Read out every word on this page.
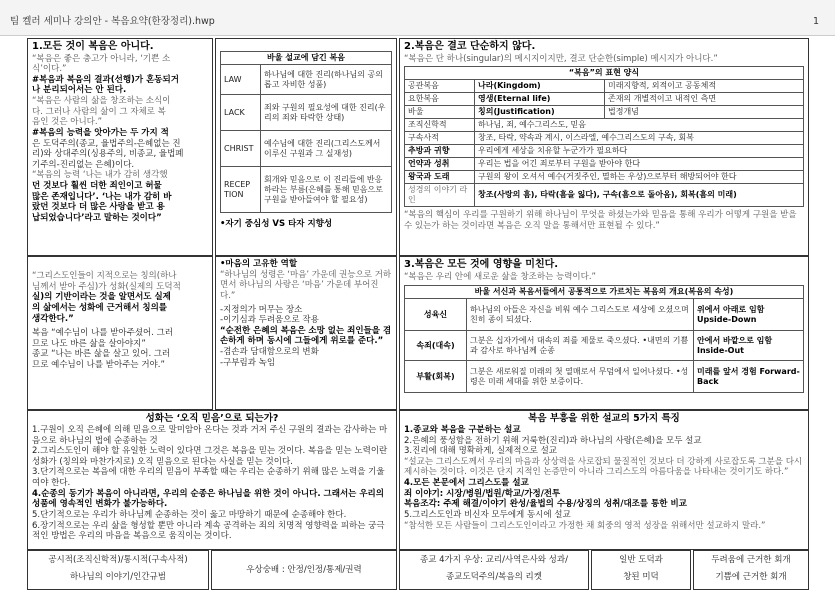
팀 켈러 세미나 강의안 - 복음요약(한장정리).hwp	1
1.모든 것이 복음은 아니다.
“복음은 좋은 충고가 아니라, ‘기쁜 소
식’이다.”
#복음과 복음의 결과(선행)가 혼동되거
나 분리되어서는 안 된다.
“복음은 사람의 삶을 창조하는 소식이
다. 그러나 사람의 삶이 그 자체로 복
음인 것은 아니다.”
#복음의 능력을 앗아가는 두 가지 적
은 도덕주의(종교, 율법주의-은혜없는 진
리)와 상대주의(싱용주의, 비종교, 율법폐
기주의-진리없는 은혜)이다.
“복음의 능력 ‘나는 내가 감히 생각했
던 것보다 훨씬 더한 죄인이고 허물
많은 존재입니다’. ‘나는 내가 감히 바
랐던 것보다 더 많은 사랑을 받고 용
납되었습니다’라고 말하는 것이다”
바울 설교에 담긴 복음	
LAW	하나님에 대한 진리(하나님의 공의롭고 자비한 성품)
LACK	죄와 구원의 필요성에 대한 진리(우리의 죄와 타락한 상태)
CHRIST	예수님에 대한 진리(그리스도께서 이루신 구원과 그 실재성)
RECEP TION	회개와 믿음으로 이 진리들에 반응하라는 부름(은혜를 통해 믿음으로 구원을 받아들여야 할 필요성)
•자기 중심성 VS 타자 지향성
2.복음은 결코 단순하지 않다.
“복음은 단 하나(singular)의 메시지이지만, 결코 단순한(simple) 메시지가 아니다.”
“복음”의 표현 양식		
공관복음	나라(Kingdom)	미래지향적, 외적이고 공동체적
요한복음	영생(Eternal life)	존재의 개별적이고 내적인 측면
바울	칭의(Justification)	법정개념
조직신학적	하나님, 죄, 예수그리스도, 믿음	
구속사적	창조, 타락, 약속과 계시, 이스라엘, 예수그리스도의 구속, 회복	
추방과 귀향	우리에게 세상을 치유할 누군가가 필요하다	
언약과 성취	우리는 법을 어긴 죄로부터 구원을 받아야 한다	
왕국과 도래	구원의 왕이 오셔서 예수(거짓주인, 멸하는 우상)으로부터 해방되어야 한다	
성경의 이야기 라인	창조(사랑의 흠), 타락(흠을 잃다), 구속(흠으로 돌아옴), 회복(흠의 미래)	
“복음의 핵심이 우리를 구원하기 위해 하나님이 무엇을 하셨는가와 믿음을 통해 우리가 어떻게 구원을 받을 수 있는가 하는 것이라면 복음은 오직 말을 통해서만 표현될 수 있다.”
“그리스도인들이 지적으로는 칭의(하나
님께서 받아 주심)가 성화(실제의 도덕적
실)의 기반이라는 것을 알면서도 실제
의 삶에서는 성화에 근거해서 칭의를
생각한다.”
복음 “예수님이 나를 받아주셨어. 그러
므로 나도 바른 삶을 살아야지”
종교 “나는 바른 삶을 살고 있어. 그러
므로 예수님이 나를 받아주는 거야.”
•마음의 고유한 역할
“하나님의 성령은 ‘마음’ 가운데 권능으로 거하면서 하나님의 사랑은 ‘마음’ 가운데 부어진다.”
-지정의가 머무는 장소
-이기심과 두려움으로 작용
“순전한 은혜의 복음은 소망 없는 죄인들을 겸손하게 하며 동시에 그들에게 위로를 준다.”
-겸손과 담대함으로의 변화
-구부림과 녹임
3.복음은 모든 것에 영향을 미친다.
“복음은 우리 안에 새로운 삶을 창조하는 능력이다.”
바울 서신과 복음서들에서 공통적으로 가르치는 복음의 개요(복음의 속성)		
성육신	하나님의 아들은 자신을 비워 예수 그리스도로 세상에 오셨으며 친히 종이 되셨다.	위에서 아래로 임함 Upside-Down
속죄(대속)	그분은 십자가에서 대속의 죄를 제물로 죽으셨다. •내면의 기쁨과 감사로 하나님께 순종	안에서 바깥으로 임함 Inside-Out
부활(회복)	그분은 새로워질 미래의 첫 열매로서 무덤에서 일어나셨다. •성령은 미래 세대를 위한 보증이다.	미래를 앞서 경험 Forward-Back
성화는 ‘오직 믿음’으로 되는가?
1.구원이 오직 은혜에 의해 믿음으로 말미암아 온다는 것과 거저 주신 구원의 결과는 감사하는 마음으로 하나님의 법에 순종하는 것
2.그리스도인이 해야 할 유일한 노력이 있다면 그것은 복음을 믿는 것이다. 복음을 믿는 노력이란 성화가 (칭의와 마찬가지로) 오직 믿음으로 된다는 사실을 믿는 것이다.
3.단기적으로는 복음에 대한 우리의 믿음이 부족할 때는 우리는 순종하기 위해 많은 노력을 기울여야 한다.
4.순종의 동기가 복음이 아니라면, 우리의 순종은 하나님을 위한 것이 아니다. 그래서는 우리의 성품에 영속적인 변화가 불가능하다.
5.단기적으로는 우리가 하나님께 순종하는 것이 옳고 마땅하기 때문에 순종해야 한다.
6.장기적으로는 우리 삶을 형성할 뿐만 아니라 계속 공격하는 죄의 치명적 영향력을 피하는 궁극적인 방법은 우리의 마음을 복음으로 움직이는 것이다.
복음 부흥을 위한 설교의 5가지 특징
1.종교와 복음을 구분하는 설교
2.은혜의 풍성함을 전하기 위해 거룩한(진리)과 하나님의 사랑(은혜)을 모두 설교
3.진리에 대해 명확하게, 실제적으로 설교
“설교는 그리스도께서 우리의 마음과 상상력을 사로잡되 물질적인 것보다 더 강하게 사로잡도록 그분을 다시 제시하는 것이다. 이것은 단지 지적인 논증만이 아니라 그리스도의 아름다움을 나타내는 것이기도 하다.”
4.모든 본문에서 그리스도를 설교
죄 이야기: 시장/병원/법원/학교/가정/전투
복음조각: 주제 해결/이야기 완성/율법의 수용/상징의 성취/대조를 통한 비교
5.그리스도인과 비신자 모두에게 동시에 설교
“참석한 모든 사람들이 그리스도인이라고 가정한 채 회중의 영적 성장을 위해서만 설교하지 말라.”
공시적(조직신학적)/통시적(구속사적)
하나님의 이야기/인간규범
우상숭배 : 안정/인정/통제/권력
종교 4가지 우상: 교리/사역은사와 성과/
종교도덕주의/복음의 리켓
일반 도덕과
창된 미덕
두려움에 근거한 회개
기쁨에 근거한 회개
